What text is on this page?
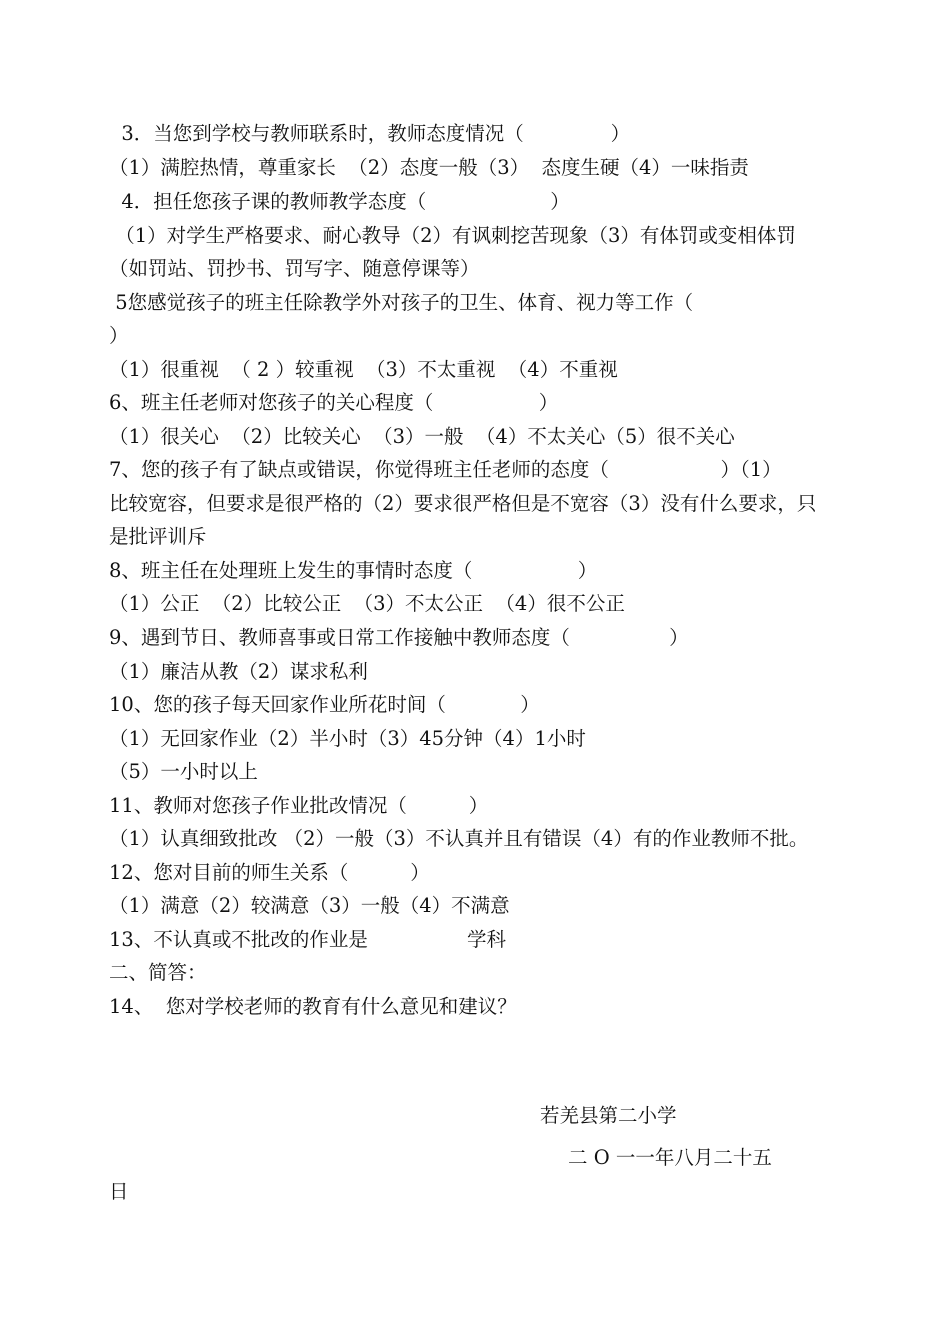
3．当您到学校与教师联系时，教师态度情况（              ）
（1）满腔热情，尊重家长  （2）态度一般（3）  态度生硬（4）一味指责
4．担任您孩子课的教师教学态度（                    ）
（1）对学生严格要求、耐心教导（2）有讽刺挖苦现象（3）有体罚或变相体罚
（如罚站、罚抄书、罚写字、随意停课等）
5您感觉孩子的班主任除教学外对孩子的卫生、体育、视力等工作（
）
（1）很重视  （ 2 ）较重视  （3）不太重视  （4）不重视
6、班主任老师对您孩子的关心程度（                 ）
（1）很关心  （2）比较关心  （3）一般  （4）不太关心（5）很不关心
7、您的孩子有了缺点或错误，你觉得班主任老师的态度（                  ）（1）
比较宽容，但要求是很严格的（2）要求很严格但是不宽容（3）没有什么要求，只
是批评训斥
8、班主任在处理班上发生的事情时态度（                 ）
（1）公正  （2）比较公正  （3）不太公正  （4）很不公正
9、遇到节日、教师喜事或日常工作接触中教师态度（                ）
（1）廉洁从教（2）谋求私利
10、您的孩子每天回家作业所花时间（            ）
（1）无回家作业（2）半小时（3）45分钟（4）1小时
（5）一小时以上
11、教师对您孩子作业批改情况（          ）
（1）认真细致批改 （2）一般（3）不认真并且有错误（4）有的作业教师不批。
12、您对目前的师生关系（          ）
（1）满意（2）较满意（3）一般（4）不满意
13、不认真或不批改的作业是                学科
二、简答：
14、  您对学校老师的教育有什么意见和建议？
若羌县第二小学
二 O 一一年八月二十五
日
